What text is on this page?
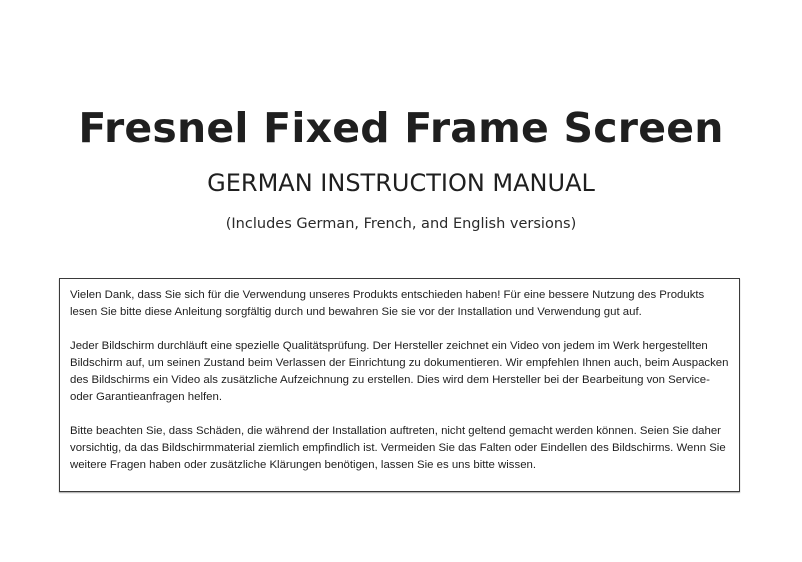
Fresnel Fixed Frame Screen
GERMAN INSTRUCTION MANUAL
(Includes German, French, and English versions)

Vielen Dank, dass Sie sich für die Verwendung unseres Produkts entschieden haben! Für eine bessere Nutzung des Produkts lesen Sie bitte diese Anleitung sorgfältig durch und bewahren Sie sie vor der Installation und Verwendung gut auf.

Jeder Bildschirm durchläuft eine spezielle Qualitätsprüfung. Der Hersteller zeichnet ein Video von jedem im Werk hergestellten Bildschirm auf, um seinen Zustand beim Verlassen der Einrichtung zu dokumentieren. Wir empfehlen Ihnen auch, beim Auspacken des Bildschirms ein Video als zusätzliche Aufzeichnung zu erstellen. Dies wird dem Hersteller bei der Bearbeitung von Service- oder Garantieanfragen helfen.

Bitte beachten Sie, dass Schäden, die während der Installation auftreten, nicht geltend gemacht werden können. Seien Sie daher vorsichtig, da das Bildschirmmaterial ziemlich empfindlich ist. Vermeiden Sie das Falten oder Eindellen des Bildschirms. Wenn Sie weitere Fragen haben oder zusätzliche Klärungen benötigen, lassen Sie es uns bitte wissen.
